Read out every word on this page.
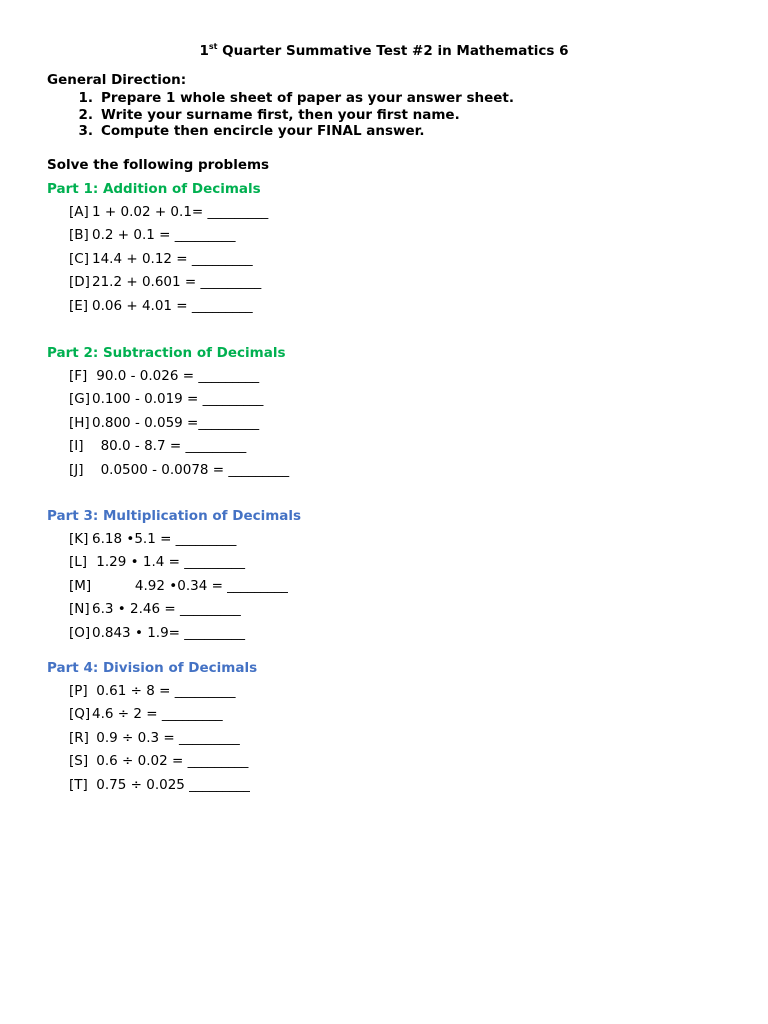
1st Quarter Summative Test #2 in Mathematics 6
General Direction:
1. Prepare 1 whole sheet of paper as your answer sheet.
2. Write your surname first, then your first name.
3. Compute then encircle your FINAL answer.
Solve the following problems
Part 1: Addition of Decimals
[A] 1 + 0.02 + 0.1= _________
[B] 0.2 + 0.1 = _________
[C] 14.4 + 0.12 = _________
[D] 21.2 + 0.601 = _________
[E] 0.06 + 4.01 = _________
Part 2: Subtraction of Decimals
[F] 90.0 - 0.026 = _________
[G] 0.100 - 0.019 = _________
[H] 0.800 - 0.059 =_________
[I] 80.0 - 8.7 = _________
[J] 0.0500 - 0.0078 = _________
Part 3: Multiplication of Decimals
[K] 6.18 •5.1 = _________
[L] 1.29 • 1.4 = _________
[M] 4.92 •0.34 = _________
[N] 6.3 • 2.46 = _________
[O] 0.843 • 1.9= _________
Part 4: Division of Decimals
[P] 0.61 ÷ 8 = _________
[Q] 4.6 ÷ 2 = _________
[R] 0.9 ÷ 0.3 = _________
[S] 0.6 ÷ 0.02 = _________
[T] 0.75 ÷ 0.025 _________
